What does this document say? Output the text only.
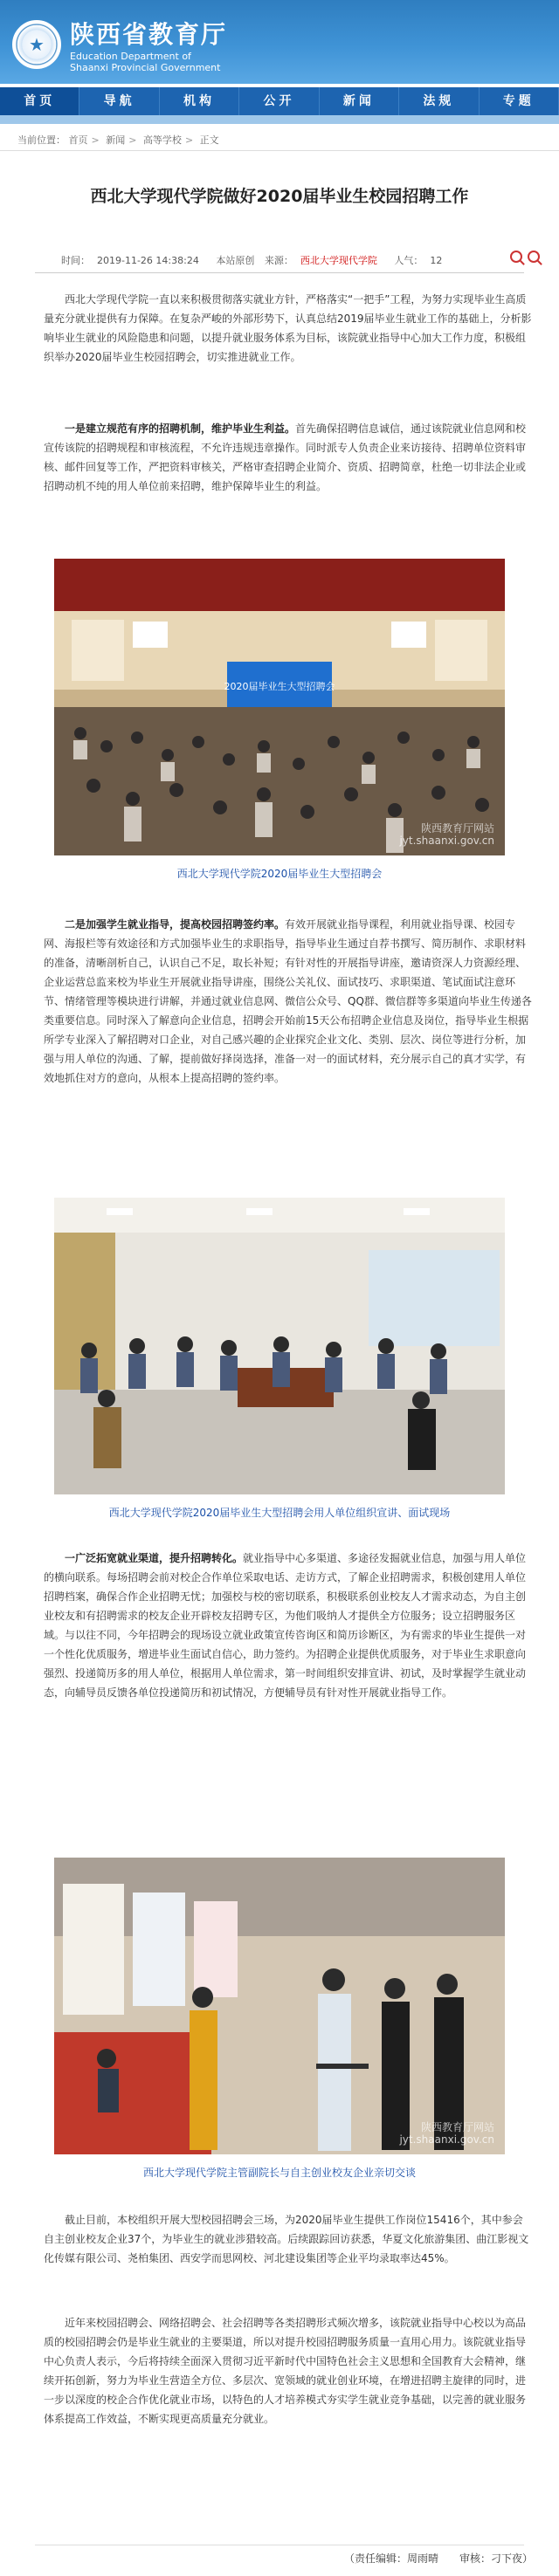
★	陕西省教育厅
Education Department of
Shaanxi Provincial Government
首页	导航	机构	公开	新闻	法规	专题
当前位置： 首页 > 新闻 > 高等学校 > 正文
西北大学现代学院做好2020届毕业生校园招聘工作
时间： 2019-11-26 14:38:24 本站原创 来源： 西北大学现代学院 人气： 12

西北大学现代学院一直以来积极贯彻落实就业方针，严格落实“一把手”工程，为努力实现毕业生高质量充分就业提供有力保障。在复杂严峻的外部形势下，认真总结2019届毕业生就业工作的基础上，分析影响毕业生就业的风险隐患和问题，以提升就业服务体系为目标，该院就业指导中心加大工作力度，积极组织举办2020届毕业生校园招聘会，切实推进就业工作。

一是建立规范有序的招聘机制，维护毕业生利益。首先确保招聘信息诚信，通过该院就业信息网和校宣传该院的招聘规程和审核流程，不允许违规违章操作。同时派专人负责企业来访接待、招聘单位资料审核、邮件回复等工作，严把资料审核关，严格审查招聘企业简介、资质、招聘简章，杜绝一切非法企业或招聘动机不纯的用人单位前来招聘，维护保障毕业生的利益。

2020届毕业生大型招聘会
陕西教育厅网站
jyt.shaanxi.gov.cn
西北大学现代学院2020届毕业生大型招聘会

二是加强学生就业指导，提高校园招聘签约率。有效开展就业指导课程，利用就业指导课、校园专网、海报栏等有效途径和方式加强毕业生的求职指导，指导毕业生通过自荐书撰写、简历制作、求职材料的准备，清晰剖析自己，认识自己不足，取长补短；有针对性的开展指导讲座，邀请资深人力资源经理、企业运营总监来校为毕业生开展就业指导讲座，围绕公关礼仪、面试技巧、求职渠道、笔试面试注意环节、情绪管理等模块进行讲解，并通过就业信息网、微信公众号、QQ群、微信群等多渠道向毕业生传递各类重要信息。同时深入了解意向企业信息，招聘会开始前15天公布招聘企业信息及岗位，指导毕业生根据所学专业深入了解招聘对口企业，对自己感兴趣的企业探究企业文化、类别、层次、岗位等进行分析，加强与用人单位的沟通、了解，提前做好择岗选择，准备一对一的面试材料，充分展示自己的真才实学，有效地抓住对方的意向，从根本上提高招聘的签约率。

西北大学现代学院2020届毕业生大型招聘会用人单位组织宣讲、面试现场

一广泛拓宽就业渠道，提升招聘转化。就业指导中心多渠道、多途径发掘就业信息，加强与用人单位的横向联系。每场招聘会前对校企合作单位采取电话、走访方式，了解企业招聘需求，积极创建用人单位招聘档案，确保合作企业招聘无忧；加强校与校的密切联系，积极联系创业校友人才需求动态，为自主创业校友和有招聘需求的校友企业开辟校友招聘专区，为他们吸纳人才提供全方位服务；设立招聘服务区域。与以往不同，今年招聘会的现场设立就业政策宣传咨询区和简历诊断区，为有需求的毕业生提供一对一个性化优质服务，增进毕业生面试自信心，助力签约。为招聘企业提供优质服务，对于毕业生求职意向强烈、投递简历多的用人单位，根据用人单位需求，第一时间组织安排宣讲、初试，及时掌握学生就业动态，向辅导员反馈各单位投递简历和初试情况，方便辅导员有针对性开展就业指导工作。

陕西教育厅网站
jyt.shaanxi.gov.cn
西北大学现代学院主管副院长与自主创业校友企业亲切交谈

截止目前，本校组织开展大型校园招聘会三场，为2020届毕业生提供工作岗位15416个，其中参会自主创业校友企业37个，为毕业生的就业涉猎较高。后续跟踪回访获悉，华夏文化旅游集团、曲江影视文化传媒有限公司、尧柏集团、西安学而思网校、河北建设集团等企业平均录取率达45%。

近年来校园招聘会、网络招聘会、社会招聘等各类招聘形式频次增多，该院就业指导中心校以为高品质的校园招聘会仍是毕业生就业的主要渠道，所以对提升校园招聘服务质量一直用心用力。该院就业指导中心负责人表示，今后将持续全面深入贯彻习近平新时代中国特色社会主义思想和全国教育大会精神，继续开拓创新，努力为毕业生营造全方位、多层次、宽领域的就业创业环境，在增进招聘主旋律的同时，进一步以深度的校企合作优化就业市场，以特色的人才培养模式夯实学生就业竞争基础，以完善的就业服务体系提高工作效益，不断实现更高质量充分就业。

（责任编辑：周雨晴　　审核：刁下夜）
